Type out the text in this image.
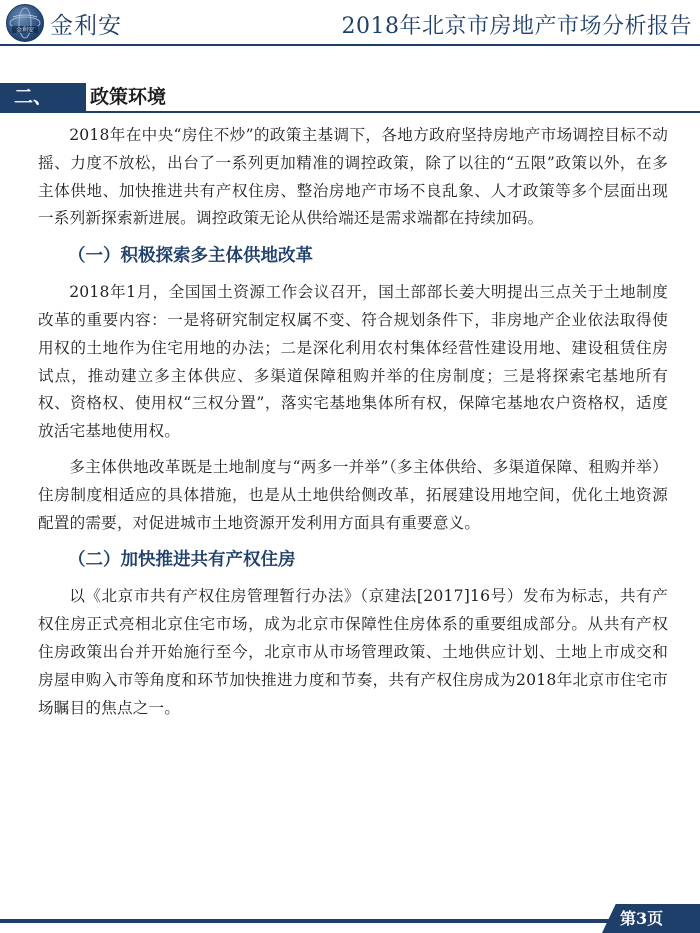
金利安 金利安	2018年北京市房地产市场分析报告
二、 政策环境

2018年在中央“房住不炒”的政策主基调下，各地方政府坚持房地产市场调控目标不动摇、力度不放松，出台了一系列更加精准的调控政策，除了以往的“五限”政策以外，在多主体供地、加快推进共有产权住房、整治房地产市场不良乱象、人才政策等多个层面出现一系列新探索新进展。调控政策无论从供给端还是需求端都在持续加码。

（一）积极探索多主体供地改革

2018年1月，全国国土资源工作会议召开，国土部部长姜大明提出三点关于土地制度改革的重要内容：一是将研究制定权属不变、符合规划条件下，非房地产企业依法取得使用权的土地作为住宅用地的办法；二是深化利用农村集体经营性建设用地、建设租赁住房试点，推动建立多主体供应、多渠道保障租购并举的住房制度；三是将探索宅基地所有权、资格权、使用权“三权分置”，落实宅基地集体所有权，保障宅基地农户资格权，适度放活宅基地使用权。

多主体供地改革既是土地制度与“两多一并举”（多主体供给、多渠道保障、租购并举）住房制度相适应的具体措施，也是从土地供给侧改革，拓展建设用地空间，优化土地资源配置的需要，对促进城市土地资源开发利用方面具有重要意义。

（二）加快推进共有产权住房

以《北京市共有产权住房管理暂行办法》（京建法[2017]16号）发布为标志，共有产权住房正式亮相北京住宅市场，成为北京市保障性住房体系的重要组成部分。从共有产权住房政策出台并开始施行至今，北京市从市场管理政策、土地供应计划、土地上市成交和房屋申购入市等角度和环节加快推进力度和节奏，共有产权住房成为2018年北京市住宅市场瞩目的焦点之一。

第3页
